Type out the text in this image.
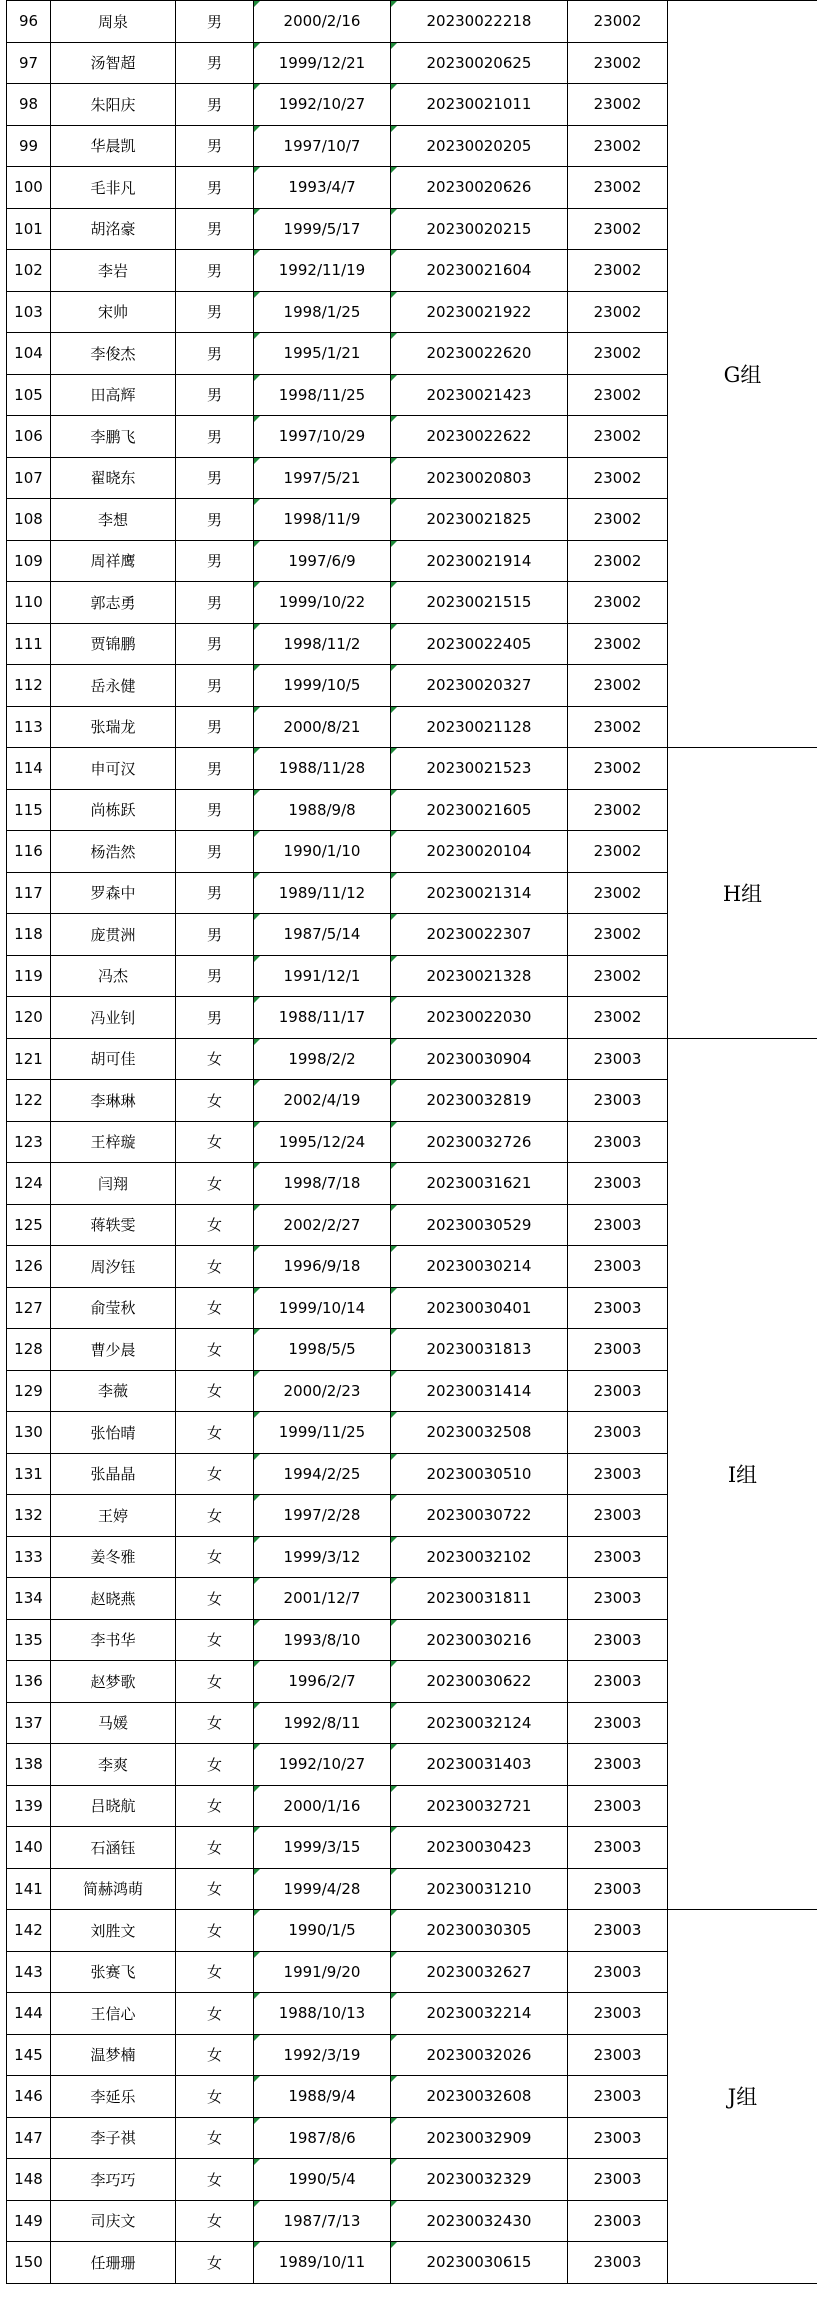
96	周泉	男	2000/2/16	20230022218	23002	G组
97	汤智超	男	1999/12/21	20230020625	23002	
98	朱阳庆	男	1992/10/27	20230021011	23002	
99	华晨凯	男	1997/10/7	20230020205	23002	
100	毛非凡	男	1993/4/7	20230020626	23002	
101	胡洺豪	男	1999/5/17	20230020215	23002	
102	李岩	男	1992/11/19	20230021604	23002	
103	宋帅	男	1998/1/25	20230021922	23002	
104	李俊杰	男	1995/1/21	20230022620	23002	
105	田高辉	男	1998/11/25	20230021423	23002	
106	李鹏飞	男	1997/10/29	20230022622	23002	
107	翟晓东	男	1997/5/21	20230020803	23002	
108	李想	男	1998/11/9	20230021825	23002	
109	周祥鹰	男	1997/6/9	20230021914	23002	
110	郭志勇	男	1999/10/22	20230021515	23002	
111	贾锦鹏	男	1998/11/2	20230022405	23002	
112	岳永健	男	1999/10/5	20230020327	23002	
113	张瑞龙	男	2000/8/21	20230021128	23002	
114	申可汉	男	1988/11/28	20230021523	23002	H组
115	尚栋跃	男	1988/9/8	20230021605	23002	
116	杨浩然	男	1990/1/10	20230020104	23002	
117	罗森中	男	1989/11/12	20230021314	23002	
118	庞贯洲	男	1987/5/14	20230022307	23002	
119	冯杰	男	1991/12/1	20230021328	23002	
120	冯业钊	男	1988/11/17	20230022030	23002	
121	胡可佳	女	1998/2/2	20230030904	23003	I组
122	李琳琳	女	2002/4/19	20230032819	23003	
123	王梓璇	女	1995/12/24	20230032726	23003	
124	闫翔	女	1998/7/18	20230031621	23003	
125	蒋轶雯	女	2002/2/27	20230030529	23003	
126	周汐钰	女	1996/9/18	20230030214	23003	
127	俞莹秋	女	1999/10/14	20230030401	23003	
128	曹少晨	女	1998/5/5	20230031813	23003	
129	李薇	女	2000/2/23	20230031414	23003	
130	张怡晴	女	1999/11/25	20230032508	23003	
131	张晶晶	女	1994/2/25	20230030510	23003	
132	王婷	女	1997/2/28	20230030722	23003	
133	姜冬雅	女	1999/3/12	20230032102	23003	
134	赵晓燕	女	2001/12/7	20230031811	23003	
135	李书华	女	1993/8/10	20230030216	23003	
136	赵梦歌	女	1996/2/7	20230030622	23003	
137	马媛	女	1992/8/11	20230032124	23003	
138	李爽	女	1992/10/27	20230031403	23003	
139	吕晓航	女	2000/1/16	20230032721	23003	
140	石涵钰	女	1999/3/15	20230030423	23003	
141	简赫鸿萌	女	1999/4/28	20230031210	23003	
142	刘胜文	女	1990/1/5	20230030305	23003	J组
143	张赛飞	女	1991/9/20	20230032627	23003	
144	王信心	女	1988/10/13	20230032214	23003	
145	温梦楠	女	1992/3/19	20230032026	23003	
146	李延乐	女	1988/9/4	20230032608	23003	
147	李子祺	女	1987/8/6	20230032909	23003	
148	李巧巧	女	1990/5/4	20230032329	23003	
149	司庆文	女	1987/7/13	20230032430	23003	
150	任珊珊	女	1989/10/11	20230030615	23003	
